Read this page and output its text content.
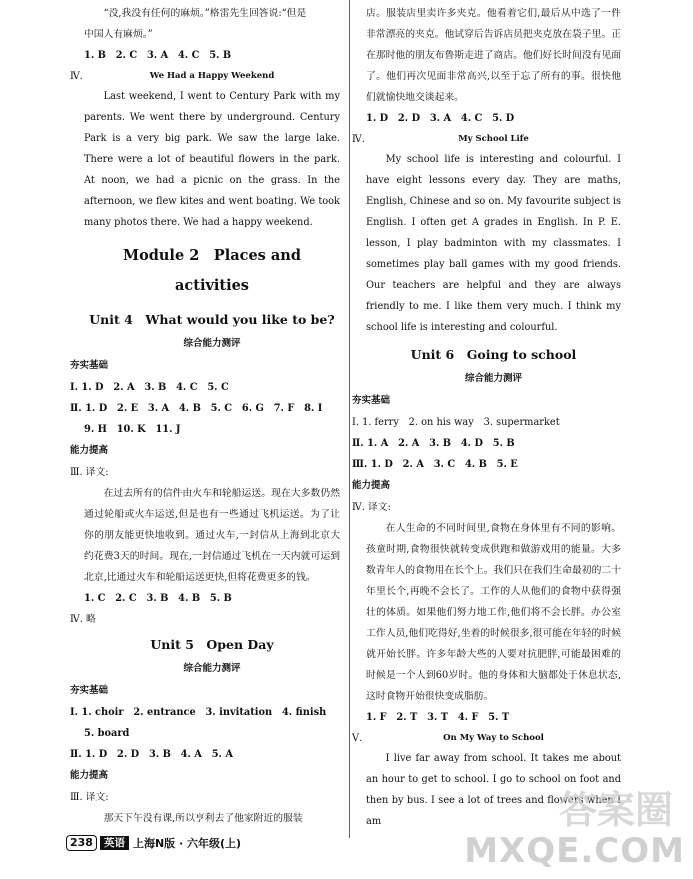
“没,我没有任何的麻烦。”格雷先生回答说:“但是

中国人有麻烦。”

1. B　2. C　3. A　4. C　5. B

Ⅳ.	We Had a Happy Weekend

Last weekend, I went to Century Park with my parents. We went there by underground. Century Park is a very big park. We saw the large lake. There were a lot of beautiful flowers in the park. At noon, we had a picnic on the grass. In the afternoon, we flew kites and went boating. We took many photos there. We had a happy weekend.

Module 2　Places and activities

Unit 4　What would you like to be?

综合能力测评

夯实基础

Ⅰ. 1. D　2. A　3. B　4. C　5. C

Ⅱ. 1. D　2. E　3. A　4. B　5. C　6. G　7. F　8. I

9. H　10. K　11. J

能力提高

Ⅲ. 译文:

在过去所有的信件由火车和轮船运送。现在大多数仍然通过轮船或火车运送,但是也有一些通过飞机运送。为了让你的朋友能更快地收到。通过火车,一封信从上海到北京大约花费3天的时间。现在,一封信通过飞机在一天内就可运到北京,比通过火车和轮船运送更快,但将花费更多的钱。

1. C　2. C　3. B　4. B　5. B

Ⅳ. 略

Unit 5　Open Day

综合能力测评

夯实基础

Ⅰ. 1. choir　2. entrance　3. invitation　4. finish

5. board

Ⅱ. 1. D　2. D　3. B　4. A　5. A

能力提高

Ⅲ. 译文:

那天下午没有课,所以亨利去了他家附近的服装

店。服装店里卖许多夹克。他看着它们,最后从中选了一件非常漂亮的夹克。他试穿后告诉店员把夹克放在袋子里。正在那时他的朋友布鲁斯走进了商店。他们好长时间没有见面了。他们再次见面非常高兴,以至于忘了所有的事。很快他们就愉快地交谈起来。

1. D　2. D　3. A　4. C　5. D

Ⅳ.	My School Life

My school life is interesting and colourful. I have eight lessons every day. They are maths, English, Chinese and so on. My favourite subject is English. I often get A grades in English. In P. E. lesson, I play badminton with my classmates. I sometimes play ball games with my good friends. Our teachers are helpful and they are always friendly to me. I like them very much. I think my school life is interesting and colourful.

Unit 6　Going to school

综合能力测评

夯实基础

Ⅰ. 1. ferry　2. on his way　3. supermarket

Ⅱ. 1. A　2. A　3. B　4. D　5. B

Ⅲ. 1. D　2. A　3. C　4. B　5. E

能力提高

Ⅳ. 译文:

在人生命的不同时间里,食物在身体里有不同的影响。孩童时期,食物很快就转变成供跑和做游戏用的能量。大多数青年人的食物用在长个上。我们只在我们生命最初的二十年里长个,再晚不会长了。工作的人从他们的食物中获得强壮的体质。如果他们努力地工作,他们将不会长胖。办公室工作人员,他们吃得好,坐着的时候很多,很可能在年轻的时候就开始长胖。许多年龄大些的人要对抗肥胖,可能最困难的时候是一个人到60岁时。他的身体和大脑都处于休息状态,这时食物开始很快变成脂肪。

1. F　2. T　3. T　4. F　5. T

Ⅴ.	On My Way to School

I live far away from school. It takes me about an hour to get to school. I go to school on foot and then by bus. I see a lot of trees and flowers when I am

238	英语 上海N版 · 六年级(上)
答案圈
MXQE.COM
